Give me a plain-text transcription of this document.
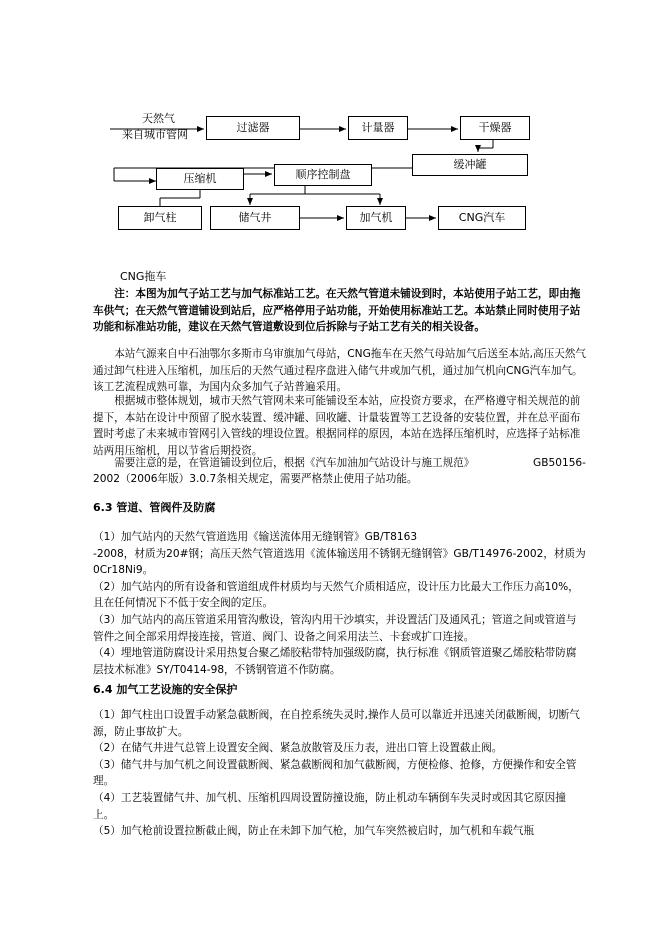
天然气
来自城市管网
过滤器	计量器	干燥器
缓冲罐
压缩机	顺序控制盘
卸气柱	储气井	加气机	CNG汽车
CNG拖车
注：本图为加气子站工艺与加气标准站工艺。在天然气管道未铺设到时，本站使用子站工艺，即由拖车供气；在天然气管道铺设到站后，应严格停用子站功能，开始使用标准站工艺。本站禁止同时使用子站功能和标准站功能，建议在天然气管道敷设到位后拆除与子站工艺有关的相关设备。
本站气源来自中石油鄂尔多斯市乌审旗加气母站，CNG拖车在天然气母站加气后送至本站,高压天然气通过卸气柱进入压缩机，加压后的天然气通过程序盘进入储气井或加气机，通过加气机向CNG汽车加气。该工艺流程成熟可靠，为国内众多加气子站普遍采用。
根据城市整体规划，城市天然气管网未来可能铺设至本站，应投资方要求，在严格遵守相关规范的前提下，本站在设计中预留了脱水装置、缓冲罐、回收罐、计量装置等工艺设备的安装位置，并在总平面布置时考虑了未来城市管网引入管线的埋设位置。根据同样的原因，本站在选择压缩机时，应选择子站标准站两用压缩机，用以节省后期投资。
需要注意的是，在管道铺设到位后，根据《汽车加油加气站设计与施工规范》	GB50156-
2002（2006年版）3.0.7条相关规定，需要严格禁止使用子站功能。
6.3 管道、管阀件及防腐
（1）加气站内的天然气管道选用《输送流体用无缝钢管》GB/T8163
-2008，材质为20#钢；高压天然气管道选用《流体输送用不锈钢无缝钢管》GB/T14976-2002，材质为0Cr18Ni9。
（2）加气站内的所有设备和管道组成件材质均与天然气介质相适应，设计压力比最大工作压力高10%，且在任何情况下不低于安全阀的定压。
（3）加气站内的高压管道采用管沟敷设，管沟内用干沙填实，并设置活门及通风孔；管道之间或管道与管件之间全部采用焊接连接，管道、阀门、设备之间采用法兰、卡套或扩口连接。
（4）埋地管道防腐设计采用热复合聚乙烯胶粘带特加强级防腐，执行标准《钢质管道聚乙烯胶粘带防腐层技术标准》SY/T0414-98，不锈钢管道不作防腐。
6.4 加气工艺设施的安全保护
（1）卸气柱出口设置手动紧急截断阀，在自控系统失灵时,操作人员可以靠近并迅速关闭截断阀，切断气源，防止事故扩大。
（2）在储气井进气总管上设置安全阀、紧急放散管及压力表，进出口管上设置截止阀。
（3）储气井与加气机之间设置截断阀、紧急截断阀和加气截断阀，方便检修、抢修，方便操作和安全管理。
（4）工艺装置储气井、加气机、压缩机四周设置防撞设施，防止机动车辆倒车失灵时或因其它原因撞上。
（5）加气枪前设置拉断截止阀，防止在未卸下加气枪，加气车突然被启时，加气机和车载气瓶
